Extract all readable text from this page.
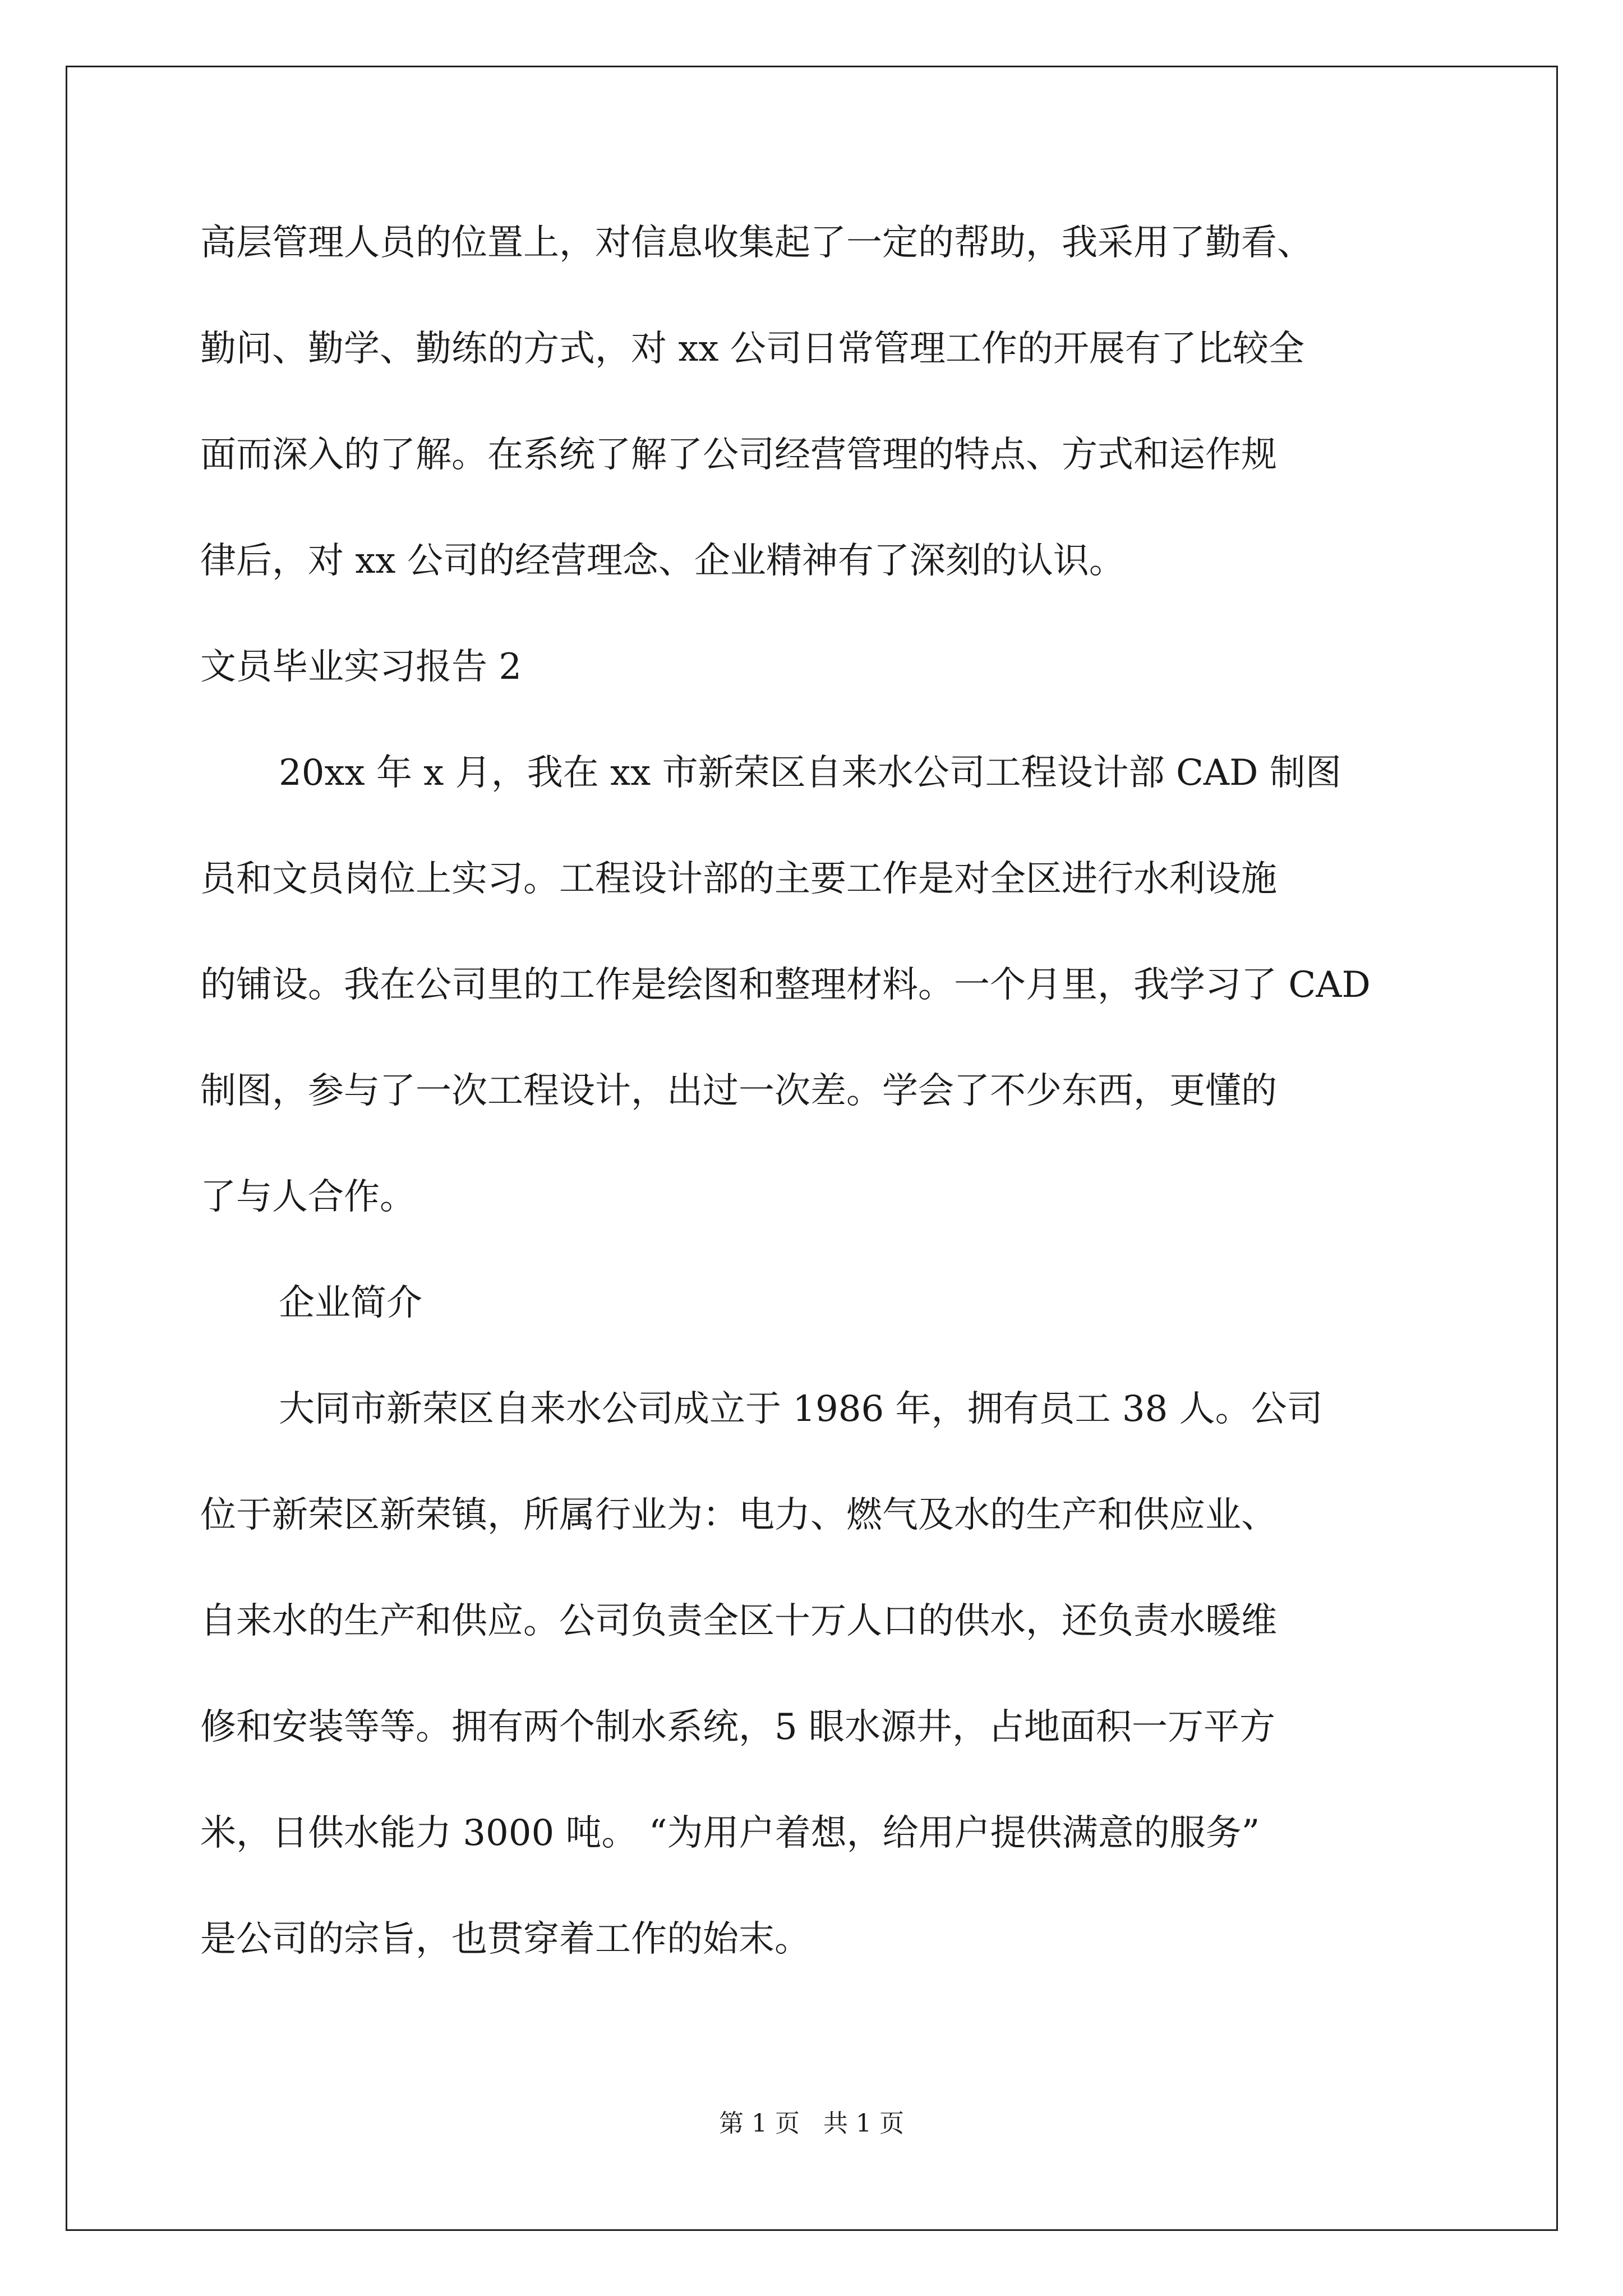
高层管理人员的位置上，对信息收集起了一定的帮助，我采用了勤看、
勤问、勤学、勤练的方式，对 xx 公司日常管理工作的开展有了比较全
面而深入的了解。在系统了解了公司经营管理的特点、方式和运作规
律后，对 xx 公司的经营理念、企业精神有了深刻的认识。
文员毕业实习报告 2
20xx 年 x 月，我在 xx 市新荣区自来水公司工程设计部 CAD 制图
员和文员岗位上实习。工程设计部的主要工作是对全区进行水利设施
的铺设。我在公司里的工作是绘图和整理材料。一个月里，我学习了 CAD
制图，参与了一次工程设计，出过一次差。学会了不少东西，更懂的
了与人合作。
企业简介
大同市新荣区自来水公司成立于 1986 年，拥有员工 38 人。公司
位于新荣区新荣镇，所属行业为：电力、燃气及水的生产和供应业、
自来水的生产和供应。公司负责全区十万人口的供水，还负责水暖维
修和安装等等。拥有两个制水系统，5 眼水源井，占地面积一万平方
米，日供水能力 3000 吨。 “为用户着想，给用户提供满意的服务”
是公司的宗旨，也贯穿着工作的始末。
第 1 页   共 1 页
